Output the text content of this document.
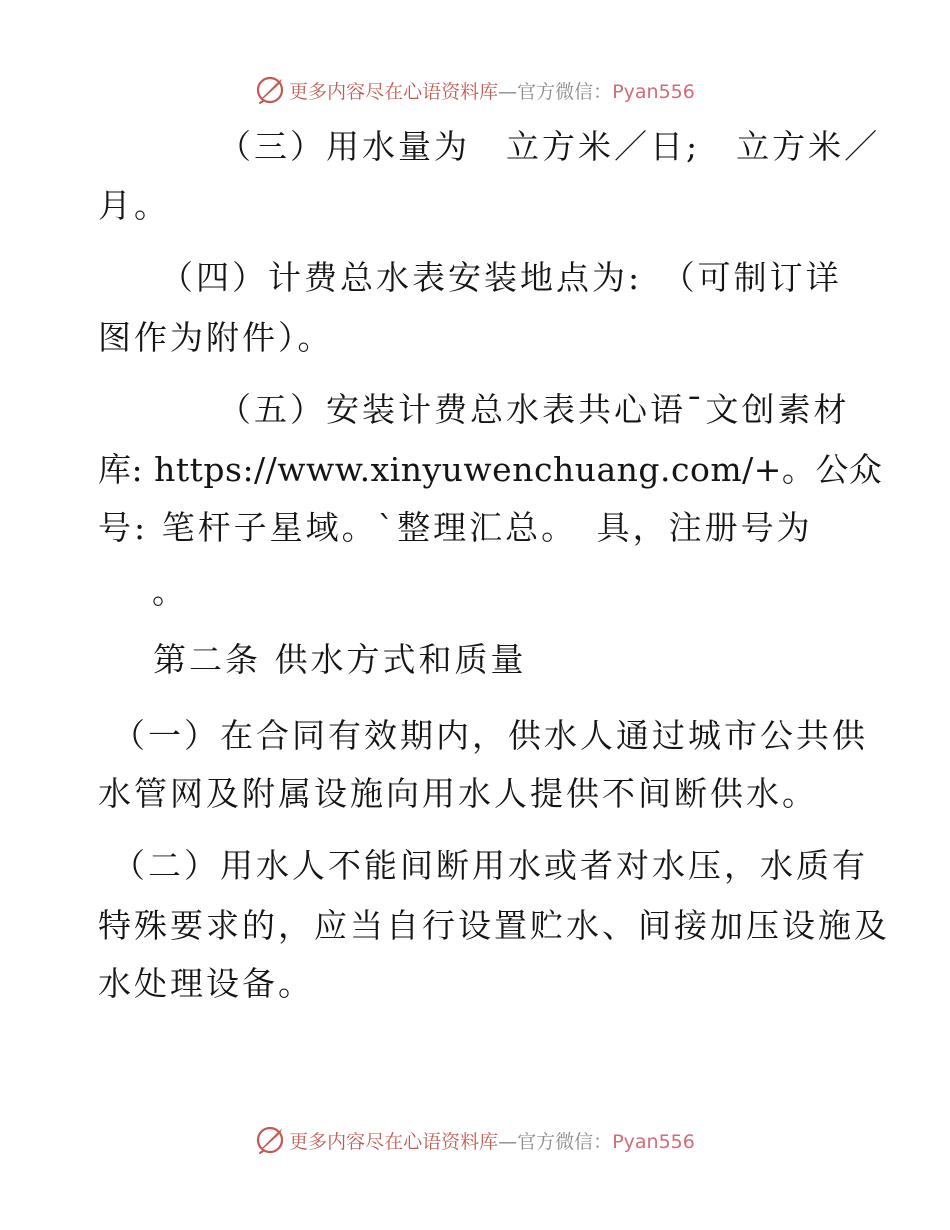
更多内容尽在心语资料库—官方微信：Pyan556
（三）用水量为　立方米／日;　立方米／
月。
（四）计费总水表安装地点为:　（可制订详
图作为附件）。
（五）安装计费总水表共心语¯文创素材
库: https://www.xinyuwenchuang.com/+。公众
号: 笔杆子星域。`整理汇总。　具，注册号为
。
第二条 供水方式和质量
（一）在合同有效期内，供水人通过城市公共供
水管网及附属设施向用水人提供不间断供水。
（二）用水人不能间断用水或者对水压，水质有
特殊要求的，应当自行设置贮水、间接加压设施及
水处理设备。
更多内容尽在心语资料库—官方微信：Pyan556
